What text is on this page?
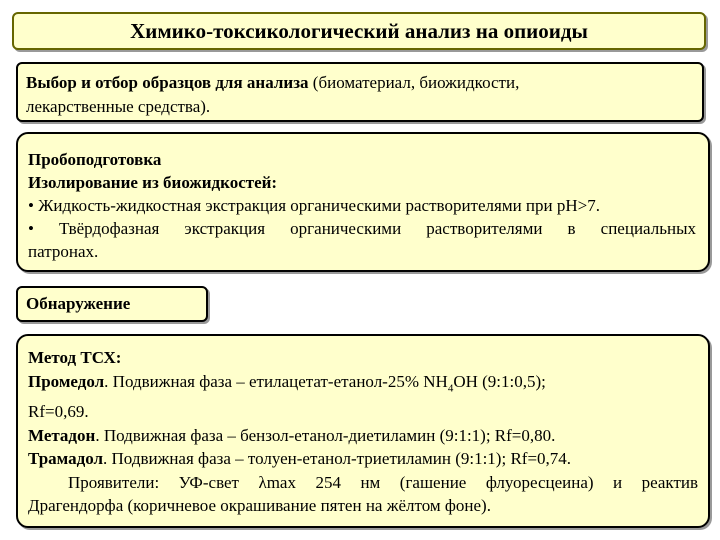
Химико-токсикологический анализ на опиоиды
Выбор и отбор образцов для анализа (биоматериал, биожидкости,
лекарственные средства).
Пробоподготовка
Изолирование из биожидкостей:
• Жидкость-жидкостная экстракция органическими растворителями при pH>7.
• Твёрдофазная экстракция органическими растворителями в специальных
патронах.
Обнаружение
Метод ТСХ:
Промедол. Подвижная фаза – етилацетат-етанол-25% $NH_4OH$ (9:1:0,5);
Rf=0,69.
Метадон. Подвижная фаза – бензол-етанол-диетиламин (9:1:1); Rf=0,80.
Трамадол. Подвижная фаза – толуен-етанол-триетиламин (9:1:1); Rf=0,74.
Проявители: УФ-свет λmax 254 нм (гашение флуоресцеина) и реактив
Драгендорфа (коричневое окрашивание пятен на жёлтом фоне).
